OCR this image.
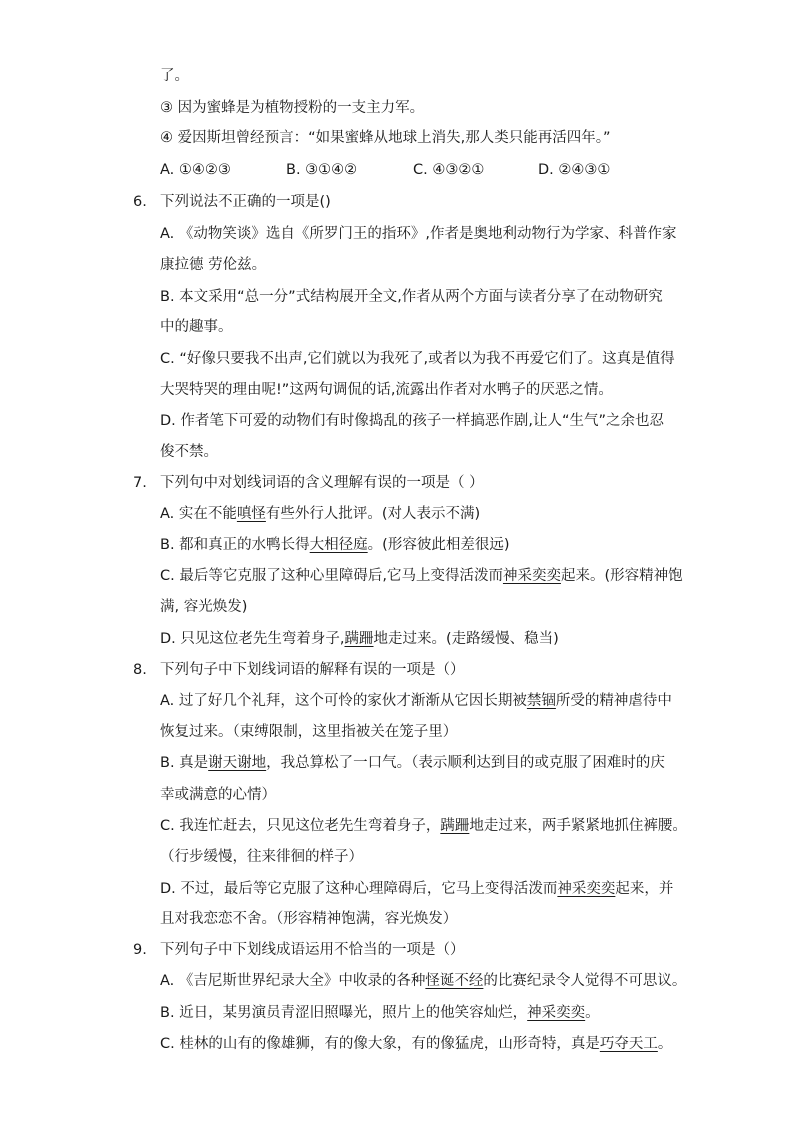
了。
③ 因为蜜蜂是为植物授粉的一支主力军。
④ 爱因斯坦曾经预言：“如果蜜蜂从地球上消失,那人类只能再活四年。”
A. ①④②③	B. ③①④②	C. ④③②①	D. ②④③①
6. 下列说法不正确的一项是()
A. 《动物笑谈》选自《所罗门王的指环》,作者是奥地利动物行为学家、科普作家
康拉德 劳伦兹。
B. 本文采用“总一分”式结构展开全文,作者从两个方面与读者分享了在动物研究
中的趣事。
C. “好像只要我不出声,它们就以为我死了,或者以为我不再爱它们了。这真是值得
大哭特哭的理由呢!”这两句调侃的话,流露出作者对水鸭子的厌恶之情。
D. 作者笔下可爱的动物们有时像捣乱的孩子一样搞恶作剧,让人“生气”之余也忍
俊不禁。
7. 下列句中对划线词语的含义理解有误的一项是（ ）
A. 实在不能嗔怪有些外行人批评。(对人表示不满)
B. 都和真正的水鸭长得大相径庭。(形容彼此相差很远)
C. 最后等它克服了这种心里障碍后,它马上变得活泼而神采奕奕起来。(形容精神饱
满, 容光焕发)
D. 只见这位老先生弯着身子,蹒跚地走过来。(走路缓慢、稳当)
8. 下列句子中下划线词语的解释有误的一项是（）
A. 过了好几个礼拜，这个可怜的家伙才渐渐从它因长期被禁锢所受的精神虐待中
恢复过来。（束缚限制，这里指被关在笼子里）
B. 真是谢天谢地，我总算松了一口气。（表示顺利达到目的或克服了困难时的庆
幸或满意的心情）
C. 我连忙赶去，只见这位老先生弯着身子，蹒跚地走过来，两手紧紧地抓住裤腰。
（行步缓慢，往来徘徊的样子）
D. 不过，最后等它克服了这种心理障碍后，它马上变得活泼而神采奕奕起来，并
且对我恋恋不舍。（形容精神饱满，容光焕发）
9. 下列句子中下划线成语运用不恰当的一项是（）
A. 《吉尼斯世界纪录大全》中收录的各种怪诞不经的比赛纪录令人觉得不可思议。
B. 近日，某男演员青涩旧照曝光，照片上的他笑容灿烂，神采奕奕。
C. 桂林的山有的像雄狮，有的像大象，有的像猛虎，山形奇特，真是巧夺天工。
